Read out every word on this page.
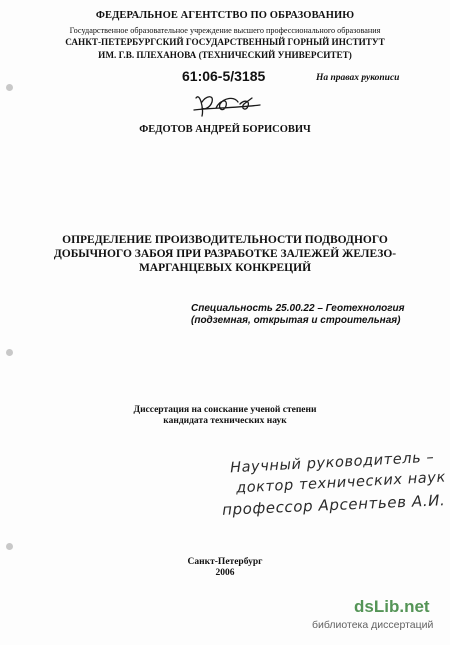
ФЕДЕРАЛЬНОЕ АГЕНТСТВО ПО ОБРАЗОВАНИЮ
Государственное образовательное учреждение высшего профессионального образования
САНКТ-ПЕТЕРБУРГСКИЙ ГОСУДАРСТВЕННЫЙ ГОРНЫЙ ИНСТИТУТ
ИМ. Г.В. ПЛЕХАНОВА (ТЕХНИЧЕСКИЙ УНИВЕРСИТЕТ)
61:06-5/3185	На правах рукописи
ФЕДОТОВ АНДРЕЙ БОРИСОВИЧ
ОПРЕДЕЛЕНИЕ ПРОИЗВОДИТЕЛЬНОСТИ ПОДВОДНОГО
ДОБЫЧНОГО ЗАБОЯ ПРИ РАЗРАБОТКЕ ЗАЛЕЖЕЙ ЖЕЛЕЗО-
МАРГАНЦЕВЫХ КОНКРЕЦИЙ
Специальность 25.00.22 – Геотехнология
(подземная, открытая и строительная)
Диссертация на соискание ученой степени
кандидата технических наук
Научный руководитель –
доктор технических наук
профессор Арсентьев А.И.
Санкт-Петербург
2006
dsLib.net
библиотека диссертаций
